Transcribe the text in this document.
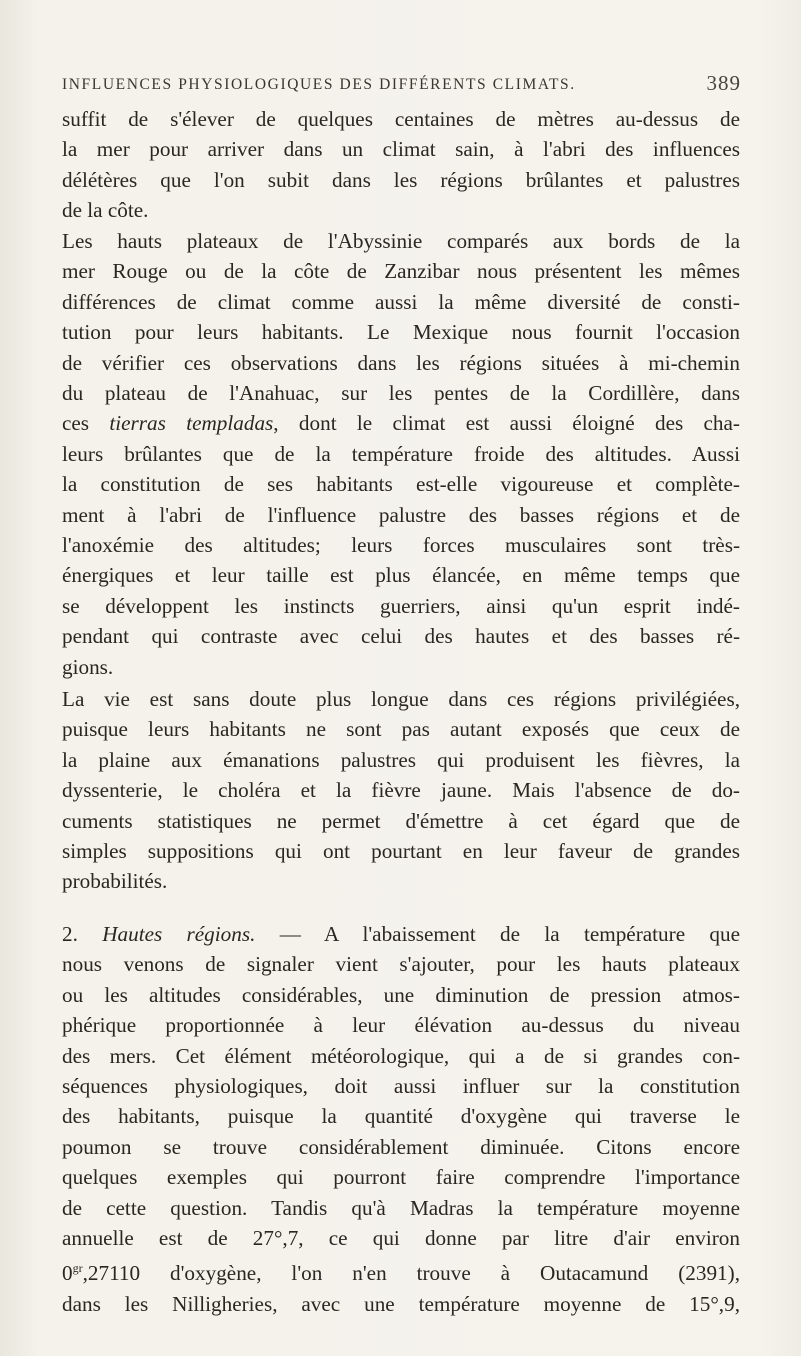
INFLUENCES PHYSIOLOGIQUES DES DIFFÉRENTS CLIMATS.	389
suffit de s'élever de quelques centaines de mètres au-dessus de
la mer pour arriver dans un climat sain, à l'abri des influences
délétères que l'on subit dans les régions brûlantes et palustres
de la côte.
Les hauts plateaux de l'Abyssinie comparés aux bords de la
mer Rouge ou de la côte de Zanzibar nous présentent les mêmes
différences de climat comme aussi la même diversité de consti-
tution pour leurs habitants. Le Mexique nous fournit l'occasion
de vérifier ces observations dans les régions situées à mi-chemin
du plateau de l'Anahuac, sur les pentes de la Cordillère, dans
ces tierras templadas, dont le climat est aussi éloigné des cha-
leurs brûlantes que de la température froide des altitudes. Aussi
la constitution de ses habitants est-elle vigoureuse et complète-
ment à l'abri de l'influence palustre des basses régions et de
l'anoxémie des altitudes; leurs forces musculaires sont très-
énergiques et leur taille est plus élancée, en même temps que
se développent les instincts guerriers, ainsi qu'un esprit indé-
pendant qui contraste avec celui des hautes et des basses ré-
gions.
La vie est sans doute plus longue dans ces régions privilégiées,
puisque leurs habitants ne sont pas autant exposés que ceux de
la plaine aux émanations palustres qui produisent les fièvres, la
dyssenterie, le choléra et la fièvre jaune. Mais l'absence de do-
cuments statistiques ne permet d'émettre à cet égard que de
simples suppositions qui ont pourtant en leur faveur de grandes
probabilités.
2. Hautes régions. — A l'abaissement de la température que
nous venons de signaler vient s'ajouter, pour les hauts plateaux
ou les altitudes considérables, une diminution de pression atmos-
phérique proportionnée à leur élévation au-dessus du niveau
des mers. Cet élément météorologique, qui a de si grandes con-
séquences physiologiques, doit aussi influer sur la constitution
des habitants, puisque la quantité d'oxygène qui traverse le
poumon se trouve considérablement diminuée. Citons encore
quelques exemples qui pourront faire comprendre l'importance
de cette question. Tandis qu'à Madras la température moyenne
annuelle est de 27°,7, ce qui donne par litre d'air environ
$0^{gr},27110$ d'oxygène, l'on n'en trouve à Outacamund (2391),
dans les Nilligheries, avec une température moyenne de 15°,9,
